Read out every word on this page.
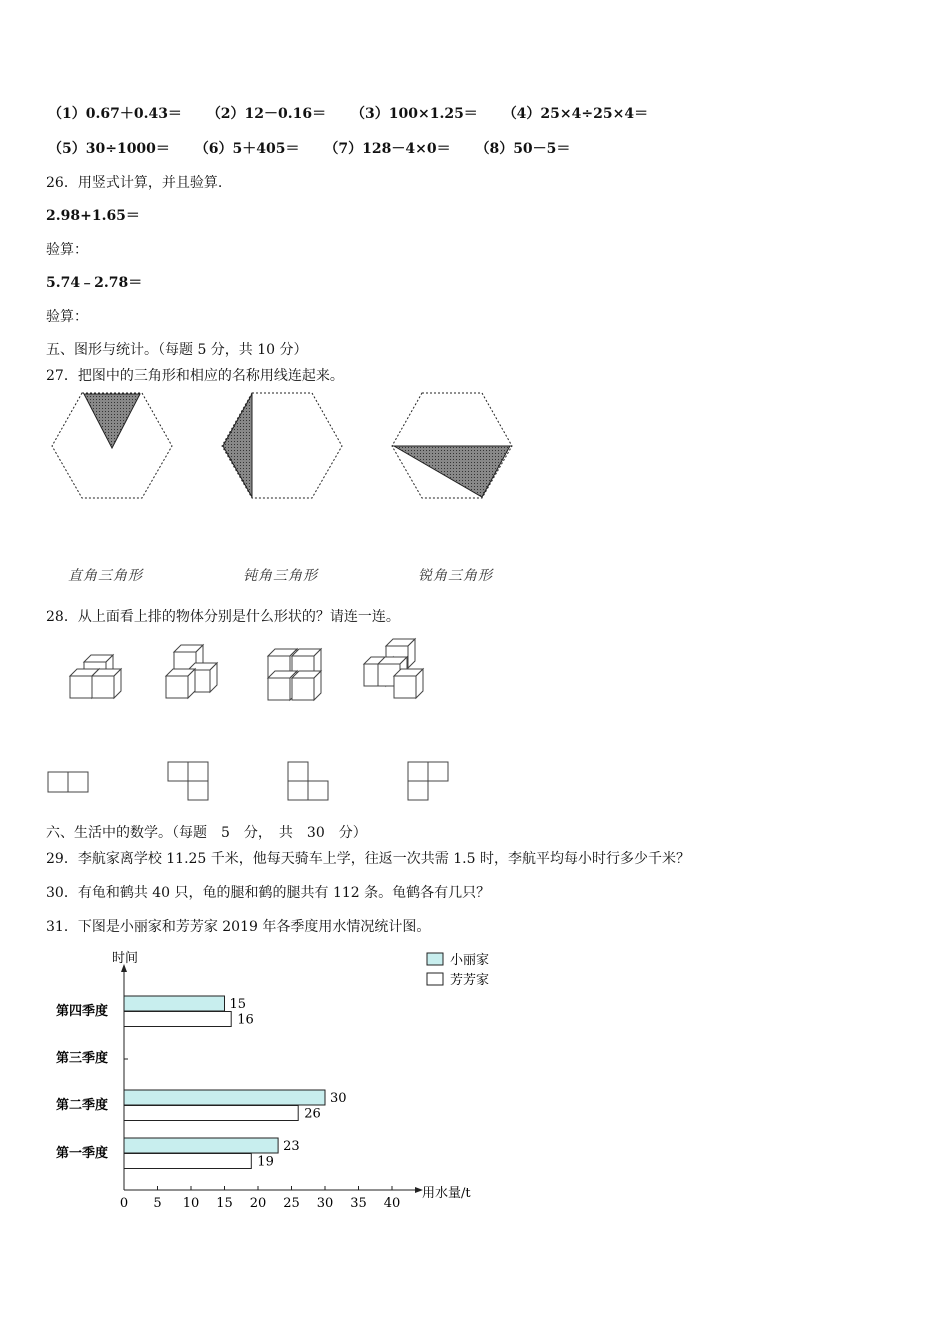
（1）0.67＋0.43＝ （2）12－0.16＝ （3）100×1.25＝ （4）25×4÷25×4＝
（5）30÷1000＝ （6）5＋405＝ （7）128－4×0＝ （8）50－5＝
26．用竖式计算，并且验算.
2.98+1.65＝
验算：
5.74﹣2.78＝
验算：
五、图形与统计。（每题 5 分，共 10 分）
27．把图中的三角形和相应的名称用线连起来。
时间
用水量/t
0 5 10 15 20 25 30 35 40
第一季度	23
19
第二季度	30
26
第三季度
第四季度	15
16
小丽家
芳芳家
直角三角形	钝角三角形	锐角三角形
28．从上面看上排的物体分别是什么形状的？请连一连。
六、生活中的数学。（每题　5　分，　共　30　分）
29．李航家离学校 11.25 千米，他每天骑车上学，往返一次共需 1.5 时，李航平均每小时行多少千米？
30．有龟和鹤共 40 只，龟的腿和鹤的腿共有 112 条。龟鹤各有几只？
31．下图是小丽家和芳芳家 2019 年各季度用水情况统计图。
